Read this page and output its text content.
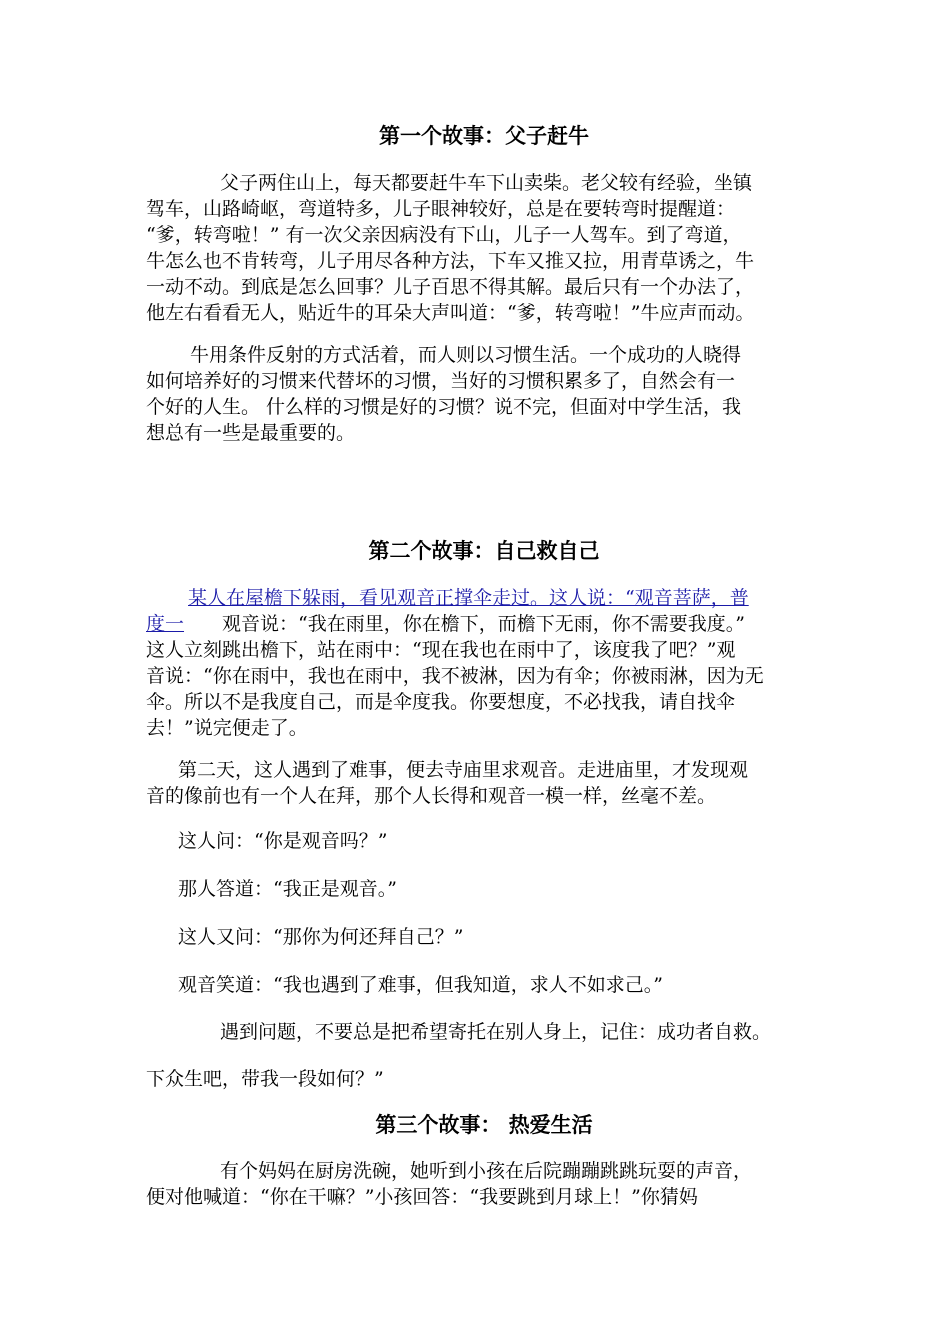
第一个故事：父子赶牛
父子两住山上，每天都要赶牛车下山卖柴。老父较有经验，坐镇
驾车，山路崎岖，弯道特多，儿子眼神较好，总是在要转弯时提醒道：
“爹，转弯啦！” 有一次父亲因病没有下山，儿子一人驾车。到了弯道，
牛怎么也不肯转弯，儿子用尽各种方法，下车又推又拉，用青草诱之，牛
一动不动。到底是怎么回事？儿子百思不得其解。最后只有一个办法了，
他左右看看无人，贴近牛的耳朵大声叫道：“爹，转弯啦！”牛应声而动。
牛用条件反射的方式活着，而人则以习惯生活。一个成功的人晓得
如何培养好的习惯来代替坏的习惯，当好的习惯积累多了，自然会有一
个好的人生。 什么样的习惯是好的习惯？说不完，但面对中学生活，我
想总有一些是最重要的。
第二个故事：自己救自己
某人在屋檐下躲雨，看见观音正撑伞走过。这人说：“观音菩萨，普
度一 观音说：“我在雨里，你在檐下，而檐下无雨，你不需要我度。”
这人立刻跳出檐下，站在雨中：“现在我也在雨中了，该度我了吧？”观
音说：“你在雨中，我也在雨中，我不被淋，因为有伞；你被雨淋，因为无
伞。所以不是我度自己，而是伞度我。你要想度，不必找我，请自找伞
去！”说完便走了。
第二天，这人遇到了难事，便去寺庙里求观音。走进庙里，才发现观
音的像前也有一个人在拜，那个人长得和观音一模一样，丝毫不差。
这人问：“你是观音吗？”
那人答道：“我正是观音。”
这人又问：“那你为何还拜自己？”
观音笑道：“我也遇到了难事，但我知道，求人不如求己。”
遇到问题，不要总是把希望寄托在别人身上，记住：成功者自救。
下众生吧，带我一段如何？”
第三个故事： 热爱生活
有个妈妈在厨房洗碗，她听到小孩在后院蹦蹦跳跳玩耍的声音，
便对他喊道：“你在干嘛？”小孩回答：“我要跳到月球上！”你猜妈
